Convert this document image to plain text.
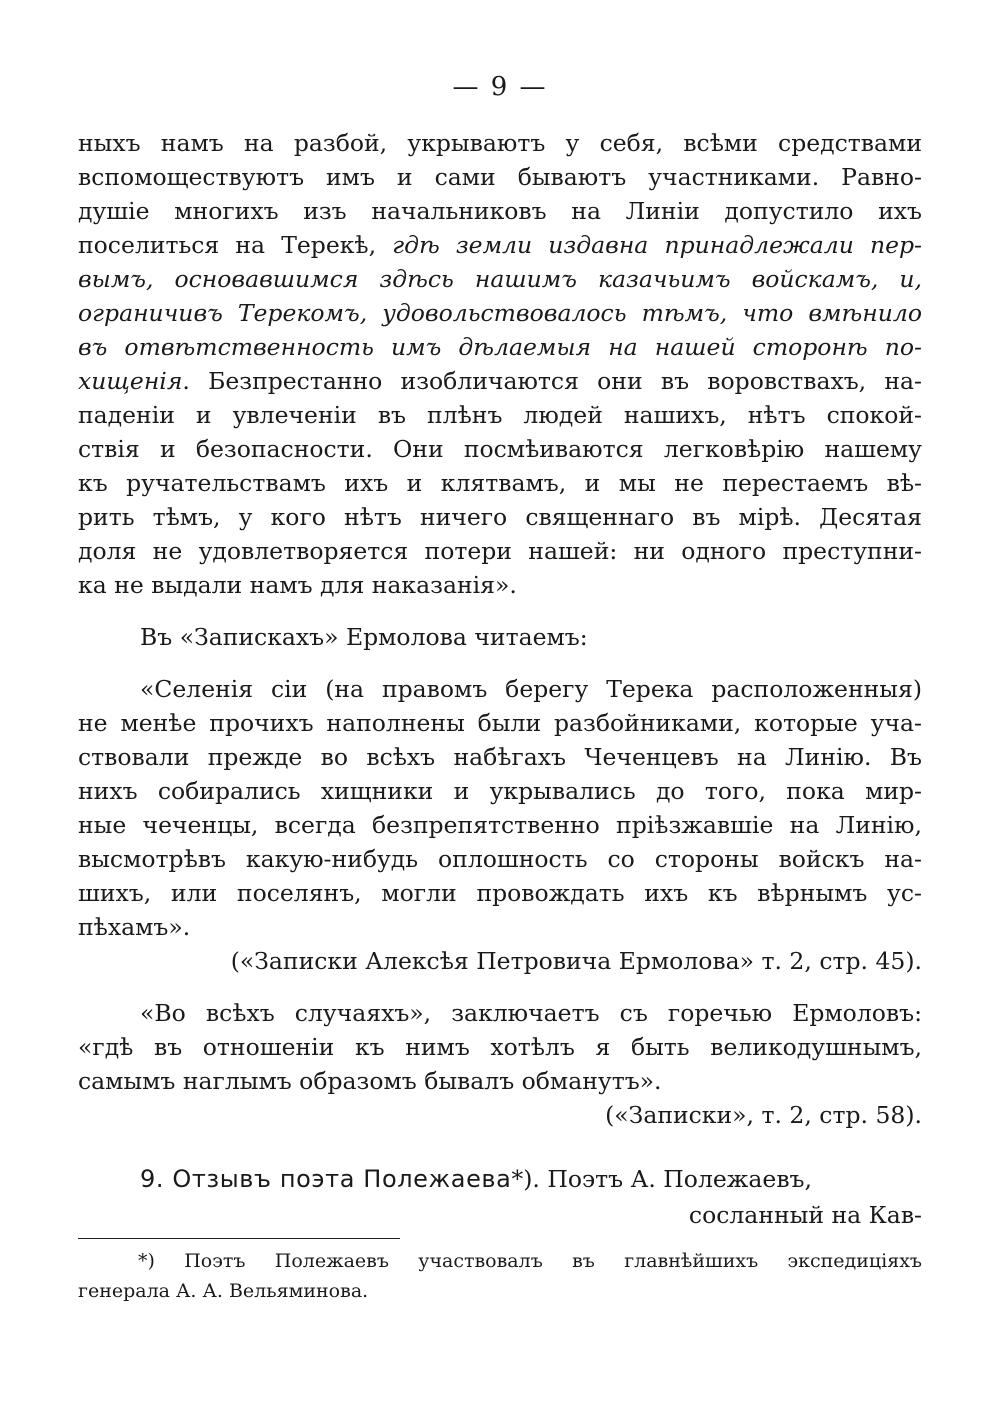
— 9 —
ныхъ намъ на разбой, укрываютъ у себя, всѣми средствами
вспомоществуютъ имъ и сами бываютъ участниками. Равно-
душіе многихъ изъ начальниковъ на Линіи допустило ихъ
поселиться на Терекѣ, гдѣ земли издавна принадлежали пер-
вымъ, основавшимся здѣсь нашимъ казачьимъ войскамъ, и,
ограничивъ Терекомъ, удовольствовалось тѣмъ, что вмѣнило
въ отвѣтственность имъ дѣлаемыя на нашей сторонѣ по-
хищенія. Безпрестанно изобличаются они въ воровствахъ, на-
паденіи и увлеченіи въ плѣнъ людей нашихъ, нѣтъ спокой-
ствія и безопасности. Они посмѣиваются легковѣрію нашему
къ ручательствамъ ихъ и клятвамъ, и мы не перестаемъ вѣ-
рить тѣмъ, у кого нѣтъ ничего священнаго въ мірѣ. Десятая
доля не удовлетворяется потери нашей: ни одного преступни-
ка не выдали намъ для наказанія».
Въ «Запискахъ» Ермолова читаемъ:
«Селенія сіи (на правомъ берегу Терека расположенныя)
не менѣе прочихъ наполнены были разбойниками, которые уча-
ствовали прежде во всѣхъ набѣгахъ Чеченцевъ на Линію. Въ
нихъ собирались хищники и укрывались до того, пока мир-
ные чеченцы, всегда безпрепятственно пріѣзжавшіе на Линію,
высмотрѣвъ какую-нибудь оплошность со стороны войскъ на-
шихъ, или поселянъ, могли провождать ихъ къ вѣрнымъ ус-
пѣхамъ».
(«Записки Алексѣя Петровича Ермолова» т. 2, стр. 45).
«Во всѣхъ случаяхъ», заключаетъ съ горечью Ермоловъ:
«гдѣ въ отношеніи къ нимъ хотѣлъ я быть великодушнымъ,
самымъ наглымъ образомъ бывалъ обманутъ».
(«Записки», т. 2, стр. 58).
9. Отзывъ поэта Полежаева*). Поэтъ А. Полежаевъ,
сосланный на Кав-
*) Поэтъ Полежаевъ участвовалъ въ главнѣйшихъ экспедиціяхъ
генерала А. А. Вельяминова.
